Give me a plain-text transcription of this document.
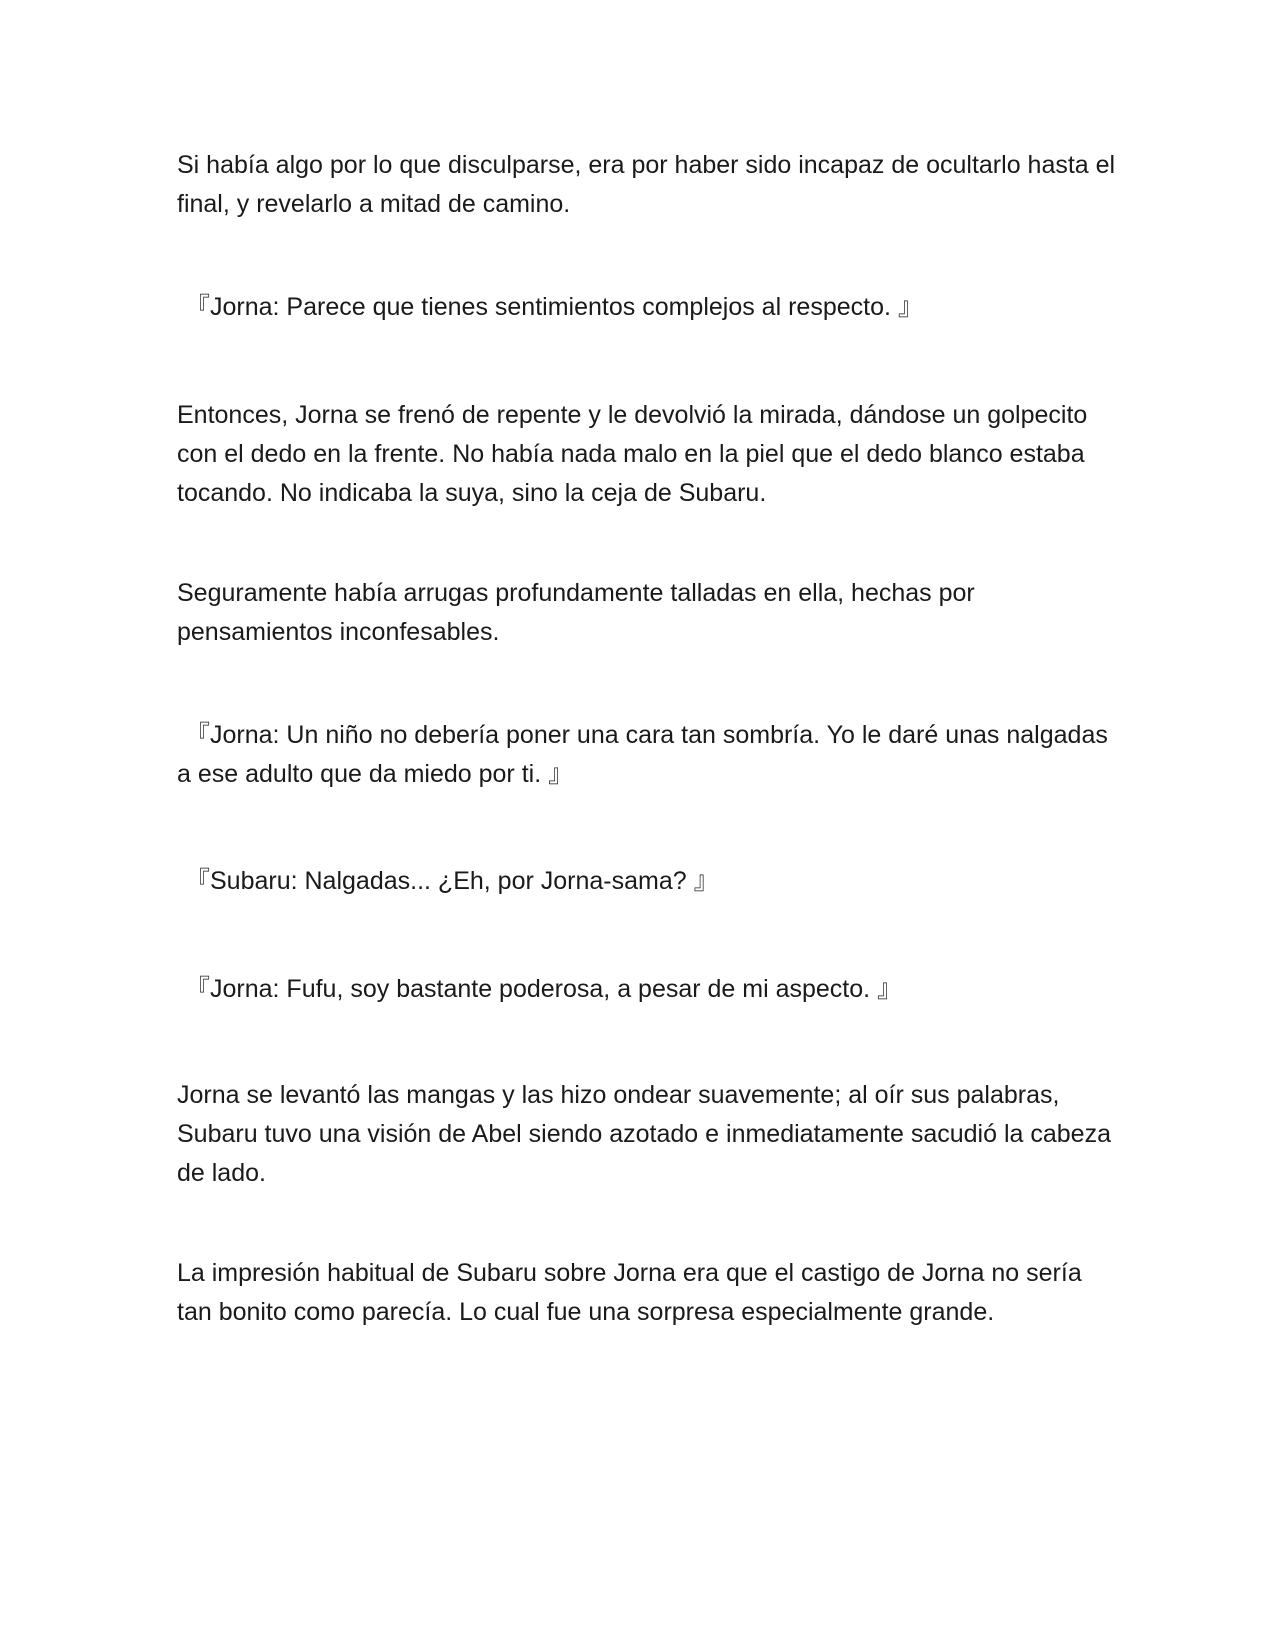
Si había algo por lo que disculparse, era por haber sido incapaz de ocultarlo hasta el final, y revelarlo a mitad de camino.

『Jorna: Parece que tienes sentimientos complejos al respecto. 』

Entonces, Jorna se frenó de repente y le devolvió la mirada, dándose un golpecito con el dedo en la frente. No había nada malo en la piel que el dedo blanco estaba tocando. No indicaba la suya, sino la ceja de Subaru.

Seguramente había arrugas profundamente talladas en ella, hechas por pensamientos inconfesables.

『Jorna: Un niño no debería poner una cara tan sombría. Yo le daré unas nalgadas a ese adulto que da miedo por ti. 』

『Subaru: Nalgadas... ¿Eh, por Jorna-sama? 』

『Jorna: Fufu, soy bastante poderosa, a pesar de mi aspecto. 』

Jorna se levantó las mangas y las hizo ondear suavemente; al oír sus palabras, Subaru tuvo una visión de Abel siendo azotado e inmediatamente sacudió la cabeza de lado.

La impresión habitual de Subaru sobre Jorna era que el castigo de Jorna no sería tan bonito como parecía. Lo cual fue una sorpresa especialmente grande.
